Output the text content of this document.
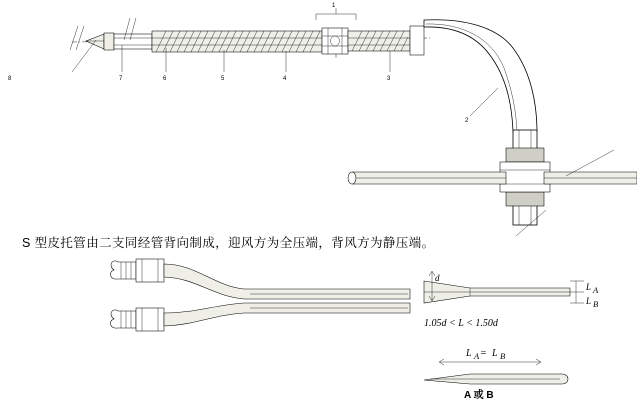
8	7	6	5	4	3
2
1
d
L A
L B
1.05d < L < 1.50d
L A = L B
A 或 B
S 型皮托管由二支同经管背向制成，迎风方为全压端，背风方为静压端。
